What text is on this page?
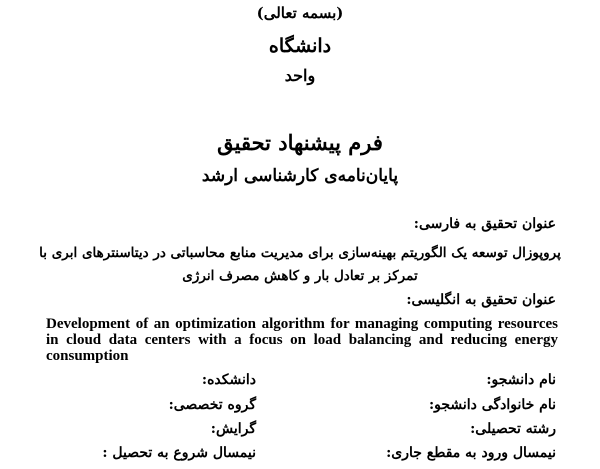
(بسمه تعالی)
دانشگاه
واحد
فرم پیشنهاد تحقیق
پایان‌نامه‌ی کارشناسی ارشد
عنوان تحقیق به فارسی:
پروپوزال توسعه یک الگوریتم بهینه‌سازی برای مدیریت منابع محاسباتی در دیتاسنترهای ابری با
تمرکز بر تعادل بار و کاهش مصرف انرژی
عنوان تحقیق به انگلیسی:
Development of an optimization algorithm for managing computing resources in cloud data centers with a focus on load balancing and reducing energy consumption
نام دانشجو:
دانشکده:
نام خانوادگی دانشجو:
گروه تخصصی:
رشته تحصیلی:
گرایش:
نیمسال ورود به مقطع جاری:
نیمسال شروع به تحصیل :
